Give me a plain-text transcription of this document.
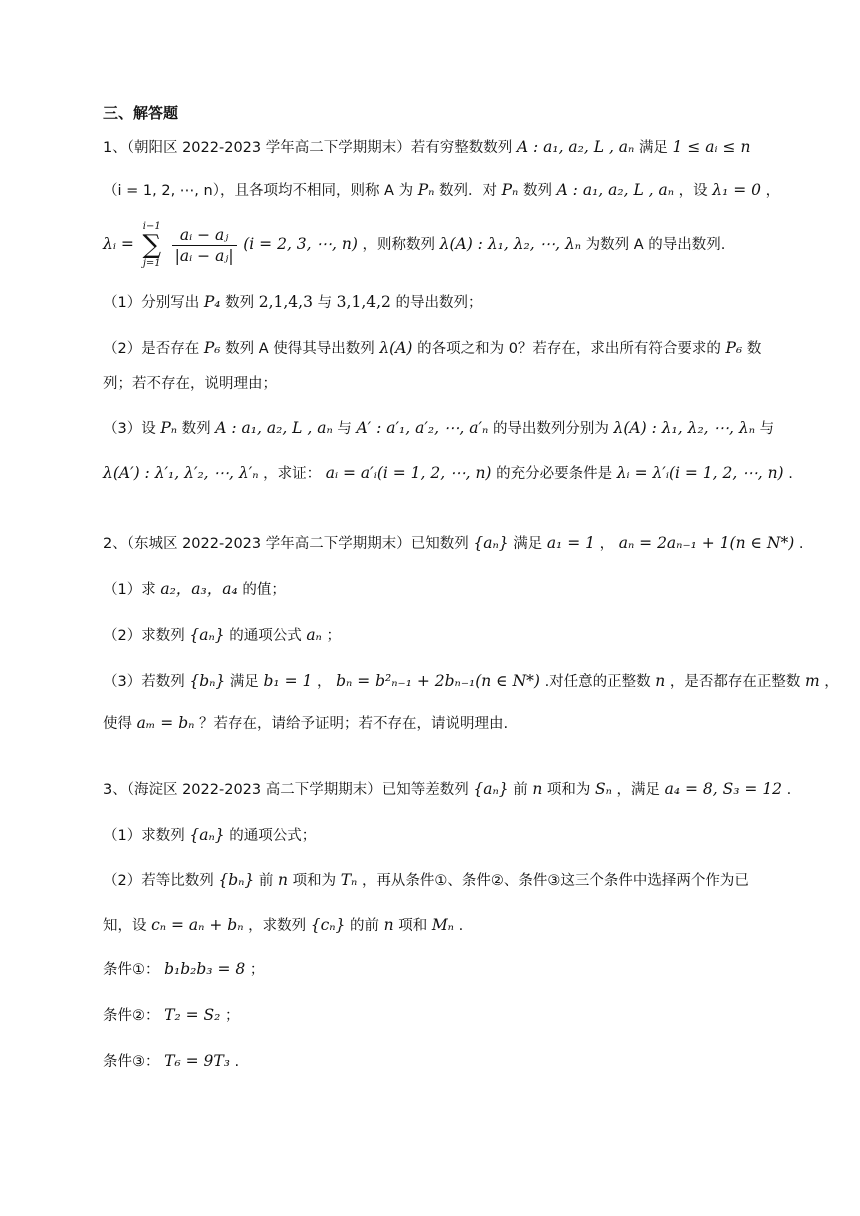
三、解答题
1、（朝阳区 2022-2023 学年高二下学期期末）若有穷整数数列 A : a₁, a₂, L , aₙ 满足 1 ≤ aᵢ ≤ n
（i = 1, 2, ⋯, n），且各项均不相同，则称 A 为 Pₙ 数列．对 Pₙ 数列 A : a₁, a₂, L , aₙ ，设 λ₁ = 0 ，
λᵢ =
i−1
∑
j=1
$\frac{\text{aᵢ − aⱼ}}{\text{|aᵢ − aⱼ|}} (i = 2$, 3, ⋯, n) ，则称数列 λ(A) : λ₁, λ₂, ⋯, λₙ 为数列 A 的导出数列.
（1）分别写出 P₄ 数列 2,1,4,3 与 3,1,4,2 的导出数列；
（2）是否存在 P₆ 数列 A 使得其导出数列 λ(A) 的各项之和为 0？若存在，求出所有符合要求的 P₆ 数
列；若不存在，说明理由；
（3）设 Pₙ 数列 A : a₁, a₂, L , aₙ 与 A′ : a′₁, a′₂, ⋯, a′ₙ 的导出数列分别为 λ(A) : λ₁, λ₂, ⋯, λₙ 与
λ(A′) : λ′₁, λ′₂, ⋯, λ′ₙ ，求证： aᵢ = a′ᵢ(i = 1, 2, ⋯, n) 的充分必要条件是 λᵢ = λ′ᵢ(i = 1, 2, ⋯, n) .
2、（东城区 2022-2023 学年高二下学期期末）已知数列 {aₙ} 满足 a₁ = 1 ， aₙ = 2aₙ₋₁ + 1(n ∈ N*) .
（1）求 a₂，a₃，a₄ 的值；
（2）求数列 {aₙ} 的通项公式 aₙ ；
（3）若数列 {bₙ} 满足 b₁ = 1 ， bₙ = b²ₙ₋₁ + 2bₙ₋₁(n ∈ N*) .对任意的正整数 n ，是否都存在正整数 m ，
使得 aₘ = bₙ ？若存在，请给予证明；若不存在，请说明理由.
3、（海淀区 2022-2023 高二下学期期末）已知等差数列 {aₙ} 前 n 项和为 Sₙ ，满足 a₄ = 8, S₃ = 12 .
（1）求数列 {aₙ} 的通项公式；
（2）若等比数列 {bₙ} 前 n 项和为 Tₙ ，再从条件①、条件②、条件③这三个条件中选择两个作为已
知，设 cₙ = aₙ + bₙ ，求数列 {cₙ} 的前 n 项和 Mₙ .
条件①： b₁b₂b₃ = 8 ；
条件②： T₂ = S₂ ；
条件③： T₆ = 9T₃ .
